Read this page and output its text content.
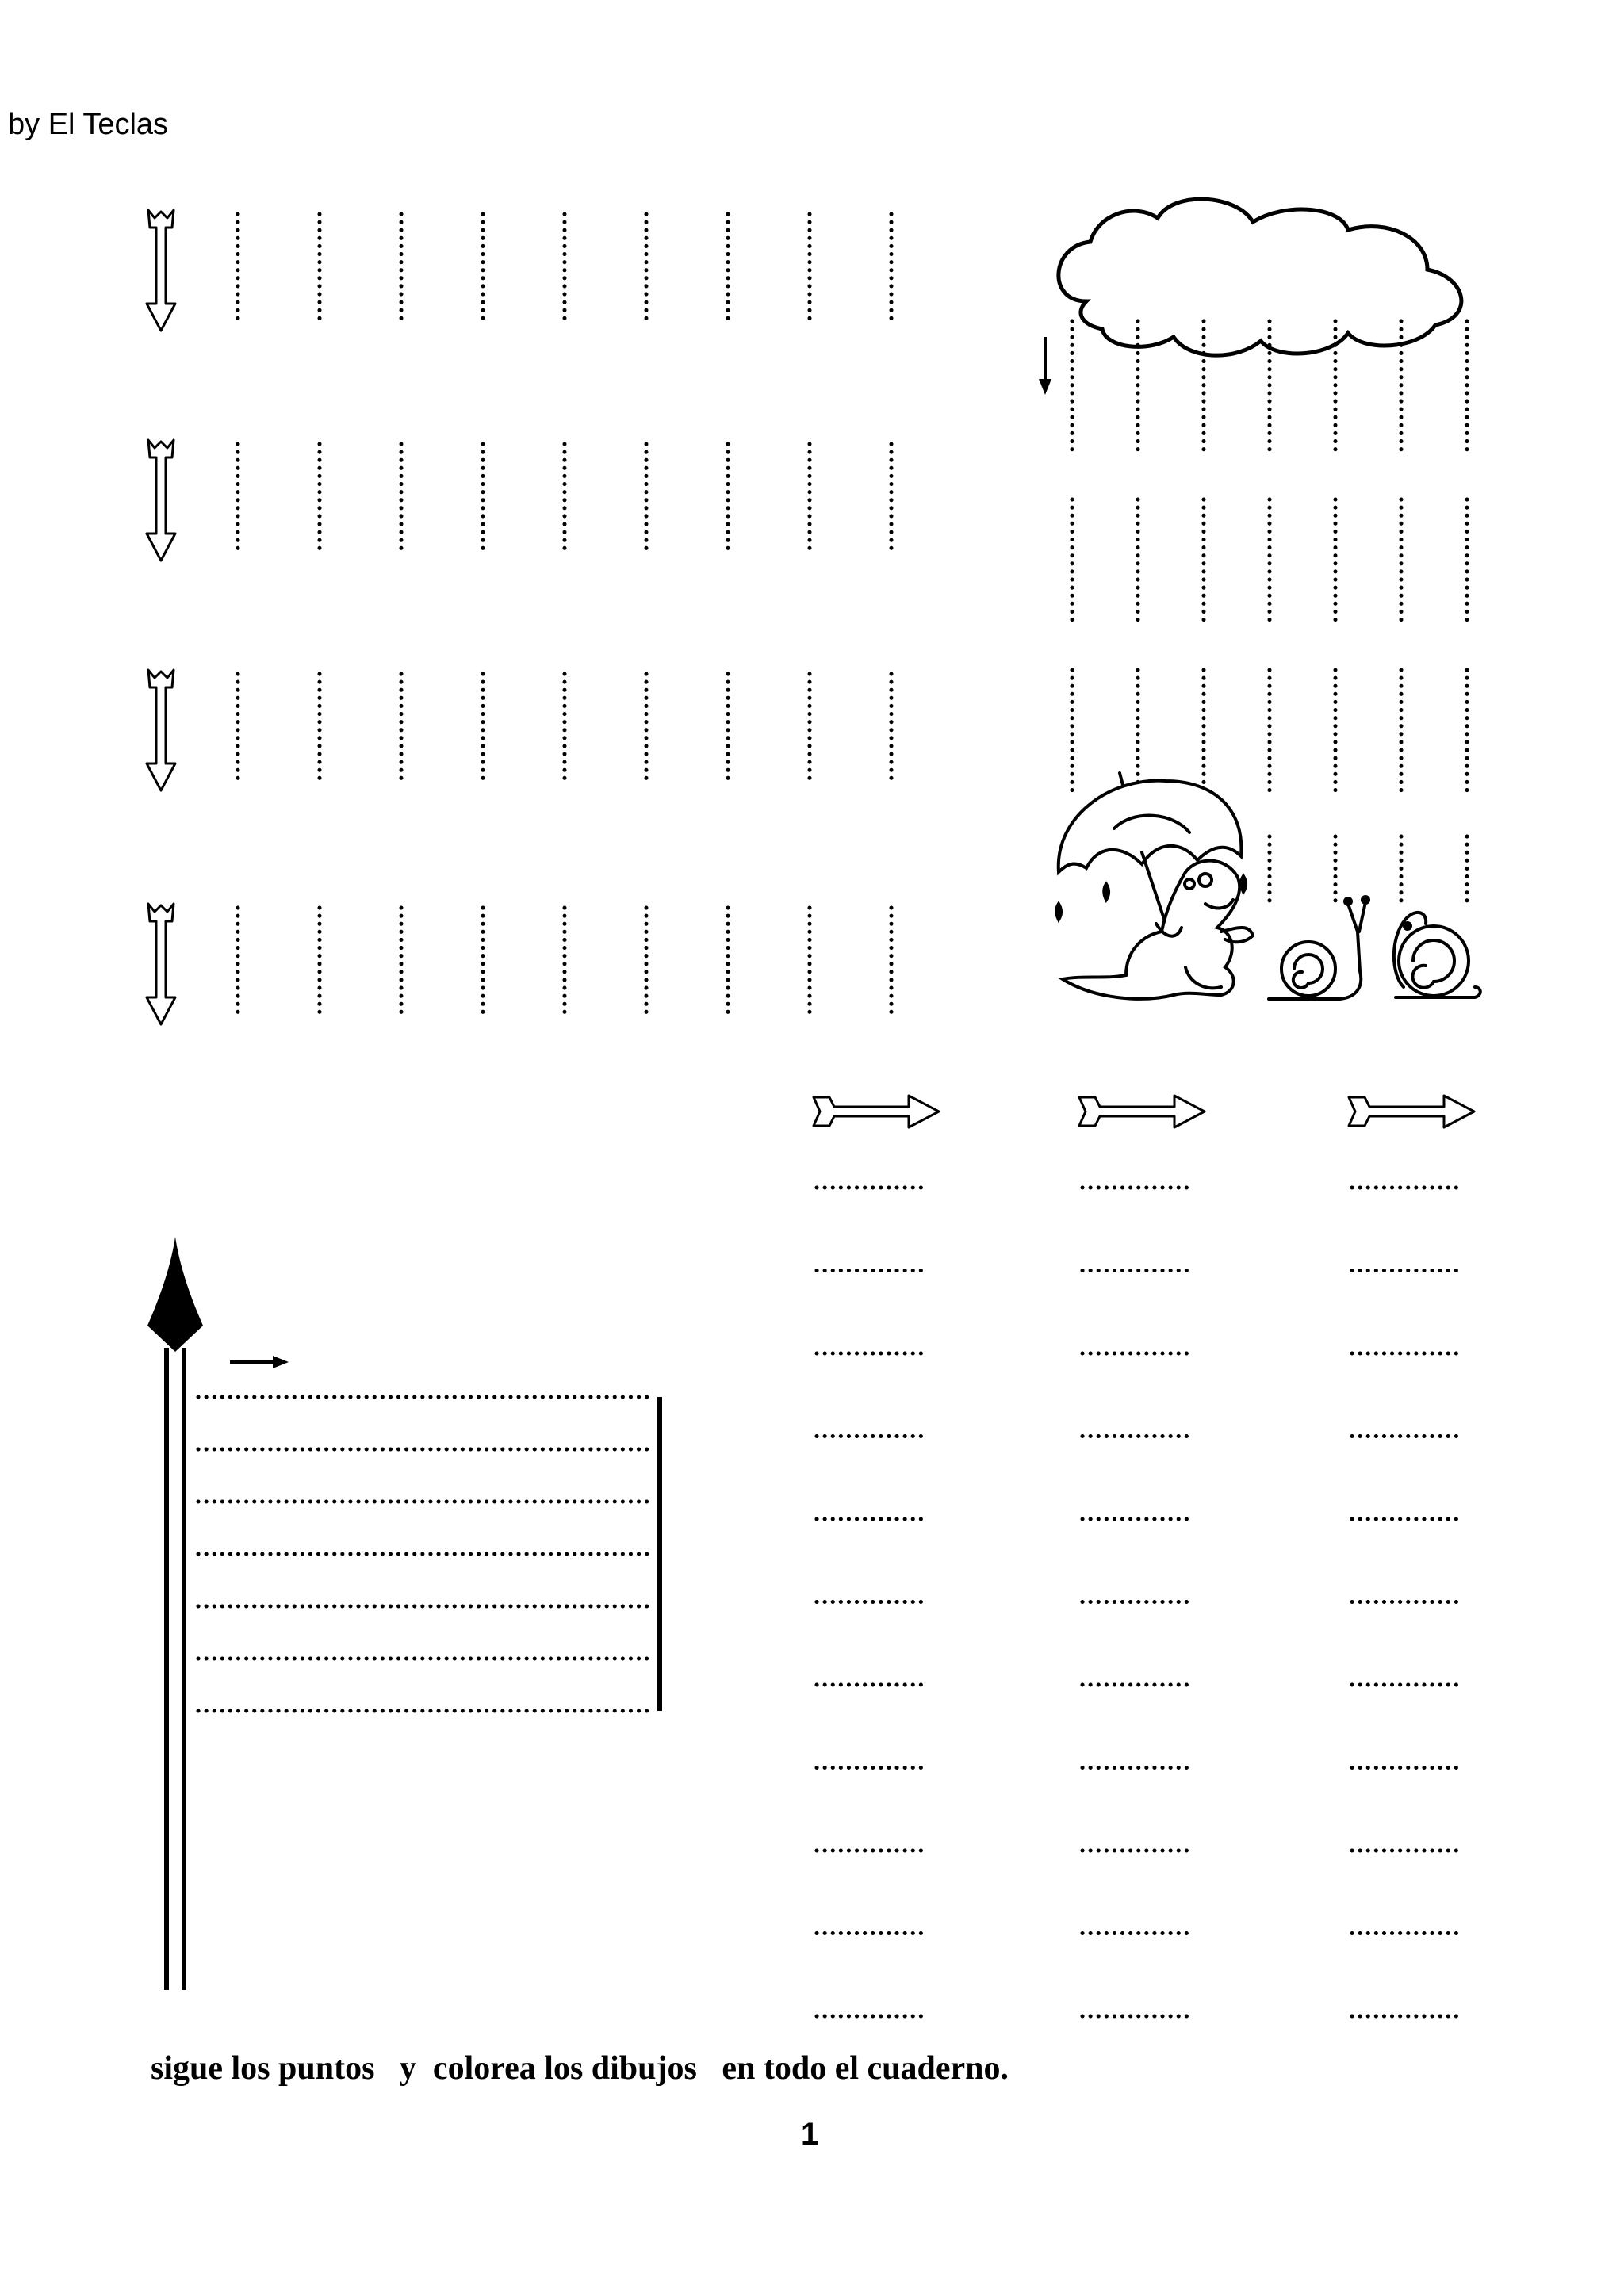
by El Teclas
sigue los puntos   y  colorea los dibujos   en todo el cuaderno.
1
